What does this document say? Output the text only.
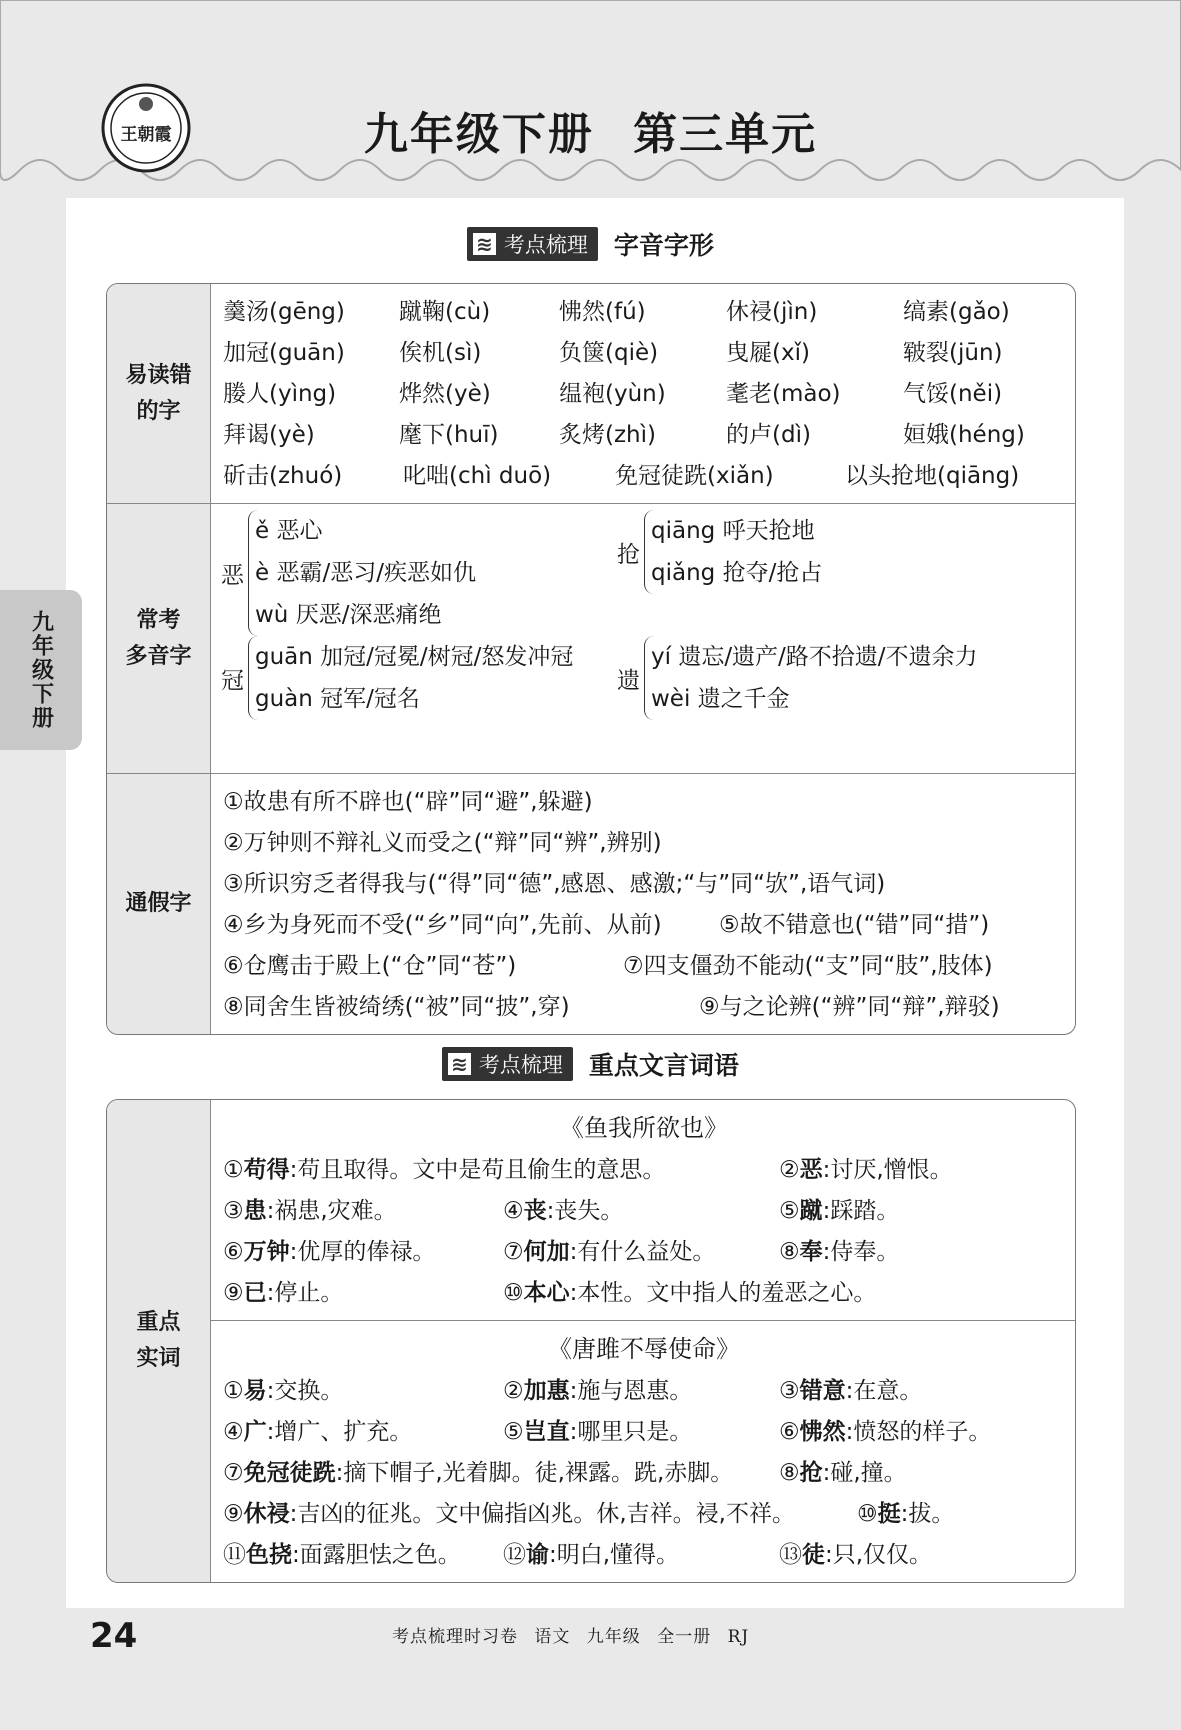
王朝霞	九年级下册 第三单元
九年级下册
≋ 考点梳理 字音字形
易读错
的字
羹汤(gēng) 蹴鞠(cù)	怫然(fú)	休祲(jìn)	缟素(gǎo)
加冠(guān) 俟机(sì)	负箧(qiè)	曳屣(xǐ)	皲裂(jūn)
媵人(yìng)	烨然(yè)	缊袍(yùn)	耄老(mào)	气馁(něi)
拜谒(yè)	麾下(huī)	炙烤(zhì)	的卢(dì)	姮娥(héng)
斫击(zhuó)	叱咄(chì duō)	免冠徒跣(xiǎn)	以头抢地(qiāng)
常考
多音字
恶
ě 恶心
è 恶霸/恶习/疾恶如仇
wù 厌恶/深恶痛绝
抢
qiāng 呼天抢地
qiǎng 抢夺/抢占
冠
guān 加冠/冠冕/树冠/怒发冲冠
guàn 冠军/冠名
遗
yí 遗忘/遗产/路不拾遗/不遗余力
wèi 遗之千金
通假字
①故患有所不辟也(“辟”同“避”,躲避)
②万钟则不辩礼义而受之(“辩”同“辨”,辨别)
③所识穷乏者得我与(“得”同“德”,感恩、感激;“与”同“欤”,语气词)
④乡为身死而不受(“乡”同“向”,先前、从前) ⑤故不错意也(“错”同“措”)
⑥仓鹰击于殿上(“仓”同“苍”)	⑦四支僵劲不能动(“支”同“肢”,肢体)
⑧同舍生皆被绮绣(“被”同“披”,穿)	⑨与之论辨(“辨”同“辩”,辩驳)
≋ 考点梳理 重点文言词语
重点
实词
《鱼我所欲也》
①苟得:苟且取得。文中是苟且偷生的意思。	②恶:讨厌,憎恨。
③患:祸患,灾难。	④丧:丧失。	⑤蹴:踩踏。
⑥万钟:优厚的俸禄。	⑦何加:有什么益处。	⑧奉:侍奉。
⑨已:停止。	⑩本心:本性。文中指人的羞恶之心。
《唐雎不辱使命》
①易:交换。	②加惠:施与恩惠。	③错意:在意。
④广:增广、扩充。	⑤岂直:哪里只是。	⑥怫然:愤怒的样子。
⑦免冠徒跣:摘下帽子,光着脚。徒,裸露。跣,赤脚。 ⑧抢:碰,撞。
⑨休祲:吉凶的征兆。文中偏指凶兆。休,吉祥。祲,不祥。	⑩挺:拔。
⑪色挠:面露胆怯之色。 ⑫谕:明白,懂得。	⑬徒:只,仅仅。
24	考点梳理时习卷 语文 九年级 全一册 RJ
